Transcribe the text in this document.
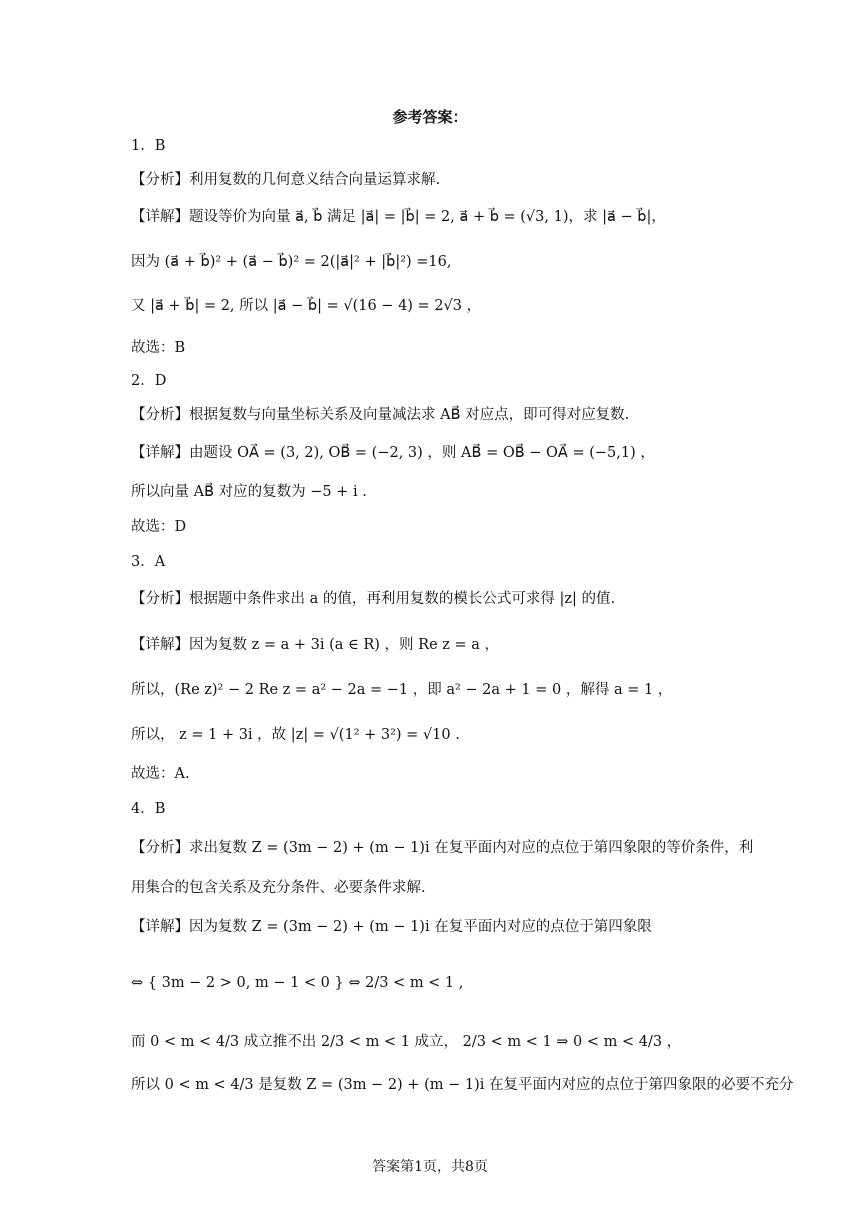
参考答案：
1．B
【分析】利用复数的几何意义结合向量运算求解.
【详解】题设等价为向量 a⃗, b⃗ 满足 |a⃗| = |b⃗| = 2, a⃗ + b⃗ = (√3, 1)，求 |a⃗ − b⃗|，
因为 (a⃗ + b⃗)² + (a⃗ − b⃗)² = 2(|a⃗|² + |b⃗|²) =16,
又 |a⃗ + b⃗| = 2, 所以 |a⃗ − b⃗| = √(16 − 4) = 2√3 ，
故选：B
2．D
【分析】根据复数与向量坐标关系及向量减法求 AB⃗ 对应点，即可得对应复数.
【详解】由题设 OA⃗ = (3, 2), OB⃗ = (−2, 3) ，则 AB⃗ = OB⃗ − OA⃗ = (−5,1) ，
所以向量 AB⃗ 对应的复数为 −5 + i .
故选：D
3．A
【分析】根据题中条件求出 a 的值，再利用复数的模长公式可求得 |z| 的值.
【详解】因为复数 z = a + 3i (a ∈ R) ，则 Re z = a ，
所以，(Re z)² − 2 Re z = a² − 2a = −1 ，即 a² − 2a + 1 = 0 ，解得 a = 1 ，
所以， z = 1 + 3i ，故 |z| = √(1² + 3²) = √10 .
故选：A.
4．B
【分析】求出复数 Z = (3m − 2) + (m − 1)i 在复平面内对应的点位于第四象限的等价条件，利
用集合的包含关系及充分条件、必要条件求解.
【详解】因为复数 Z = (3m − 2) + (m − 1)i 在复平面内对应的点位于第四象限
⇔ { 3m − 2 > 0, m − 1 < 0 } ⇔ 2/3 < m < 1 ,
而 0 < m < 4/3 成立推不出 2/3 < m < 1 成立， 2/3 < m < 1 ⇒ 0 < m < 4/3 ，
所以 0 < m < 4/3 是复数 Z = (3m − 2) + (m − 1)i 在复平面内对应的点位于第四象限的必要不充分
答案第1页，共8页
